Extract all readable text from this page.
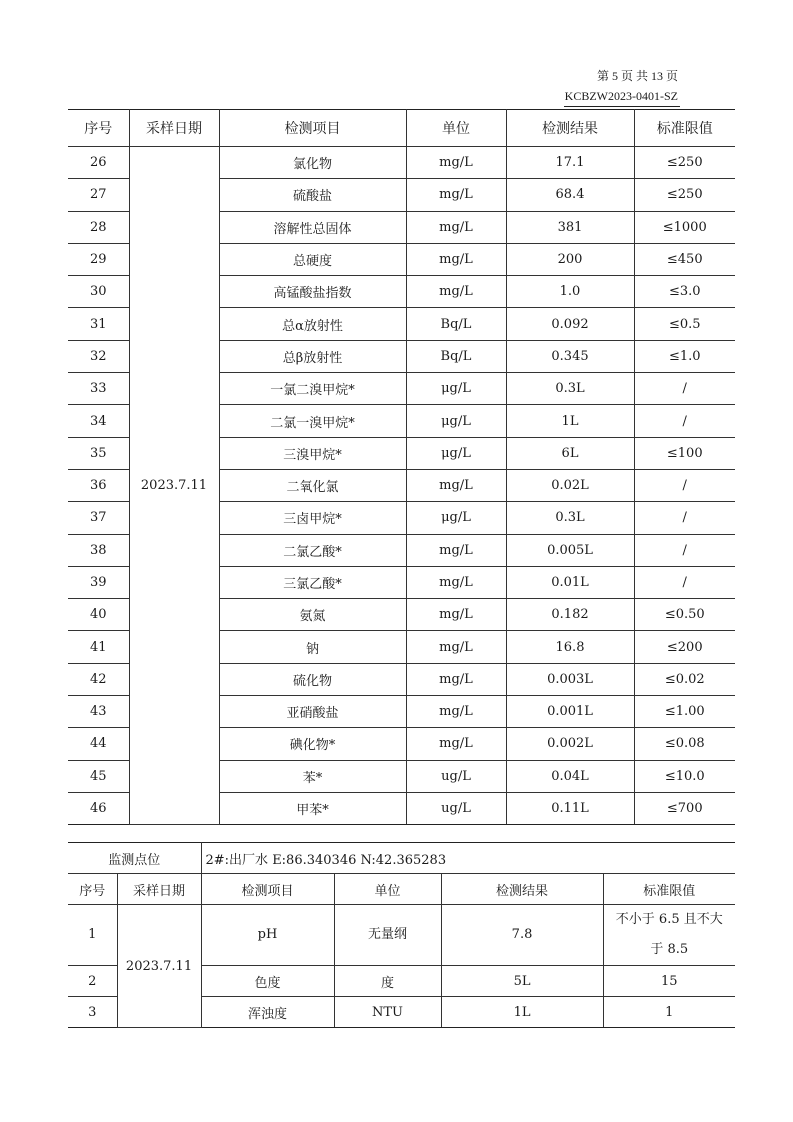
第 5 页 共 13 页
KCBZW2023-0401-SZ
序号	采样日期	检测项目	单位	检测结果	标准限值
26	2023.7.11	氯化物	mg/L	17.1	≤250
27		硫酸盐	mg/L	68.4	≤250
28		溶解性总固体	mg/L	381	≤1000
29		总硬度	mg/L	200	≤450
30		高锰酸盐指数	mg/L	1.0	≤3.0
31		总α放射性	Bq/L	0.092	≤0.5
32		总β放射性	Bq/L	0.345	≤1.0
33		一氯二溴甲烷*	μg/L	0.3L	/
34		二氯一溴甲烷*	μg/L	1L	/
35		三溴甲烷*	μg/L	6L	≤100
36		二氧化氯	mg/L	0.02L	/
37		三卤甲烷*	μg/L	0.3L	/
38		二氯乙酸*	mg/L	0.005L	/
39		三氯乙酸*	mg/L	0.01L	/
40		氨氮	mg/L	0.182	≤0.50
41		钠	mg/L	16.8	≤200
42		硫化物	mg/L	0.003L	≤0.02
43		亚硝酸盐	mg/L	0.001L	≤1.00
44		碘化物*	mg/L	0.002L	≤0.08
45		苯*	ug/L	0.04L	≤10.0
46		甲苯*	ug/L	0.11L	≤700
监测点位		2#:出厂水 E:86.340346 N:42.365283			
序号	采样日期	检测项目	单位	检测结果	标准限值
1	2023.7.11	pH	无量纲	7.8	不小于 6.5 且不大
于 8.5

2		色度	度	5L	15
3		浑浊度	NTU	1L	1
